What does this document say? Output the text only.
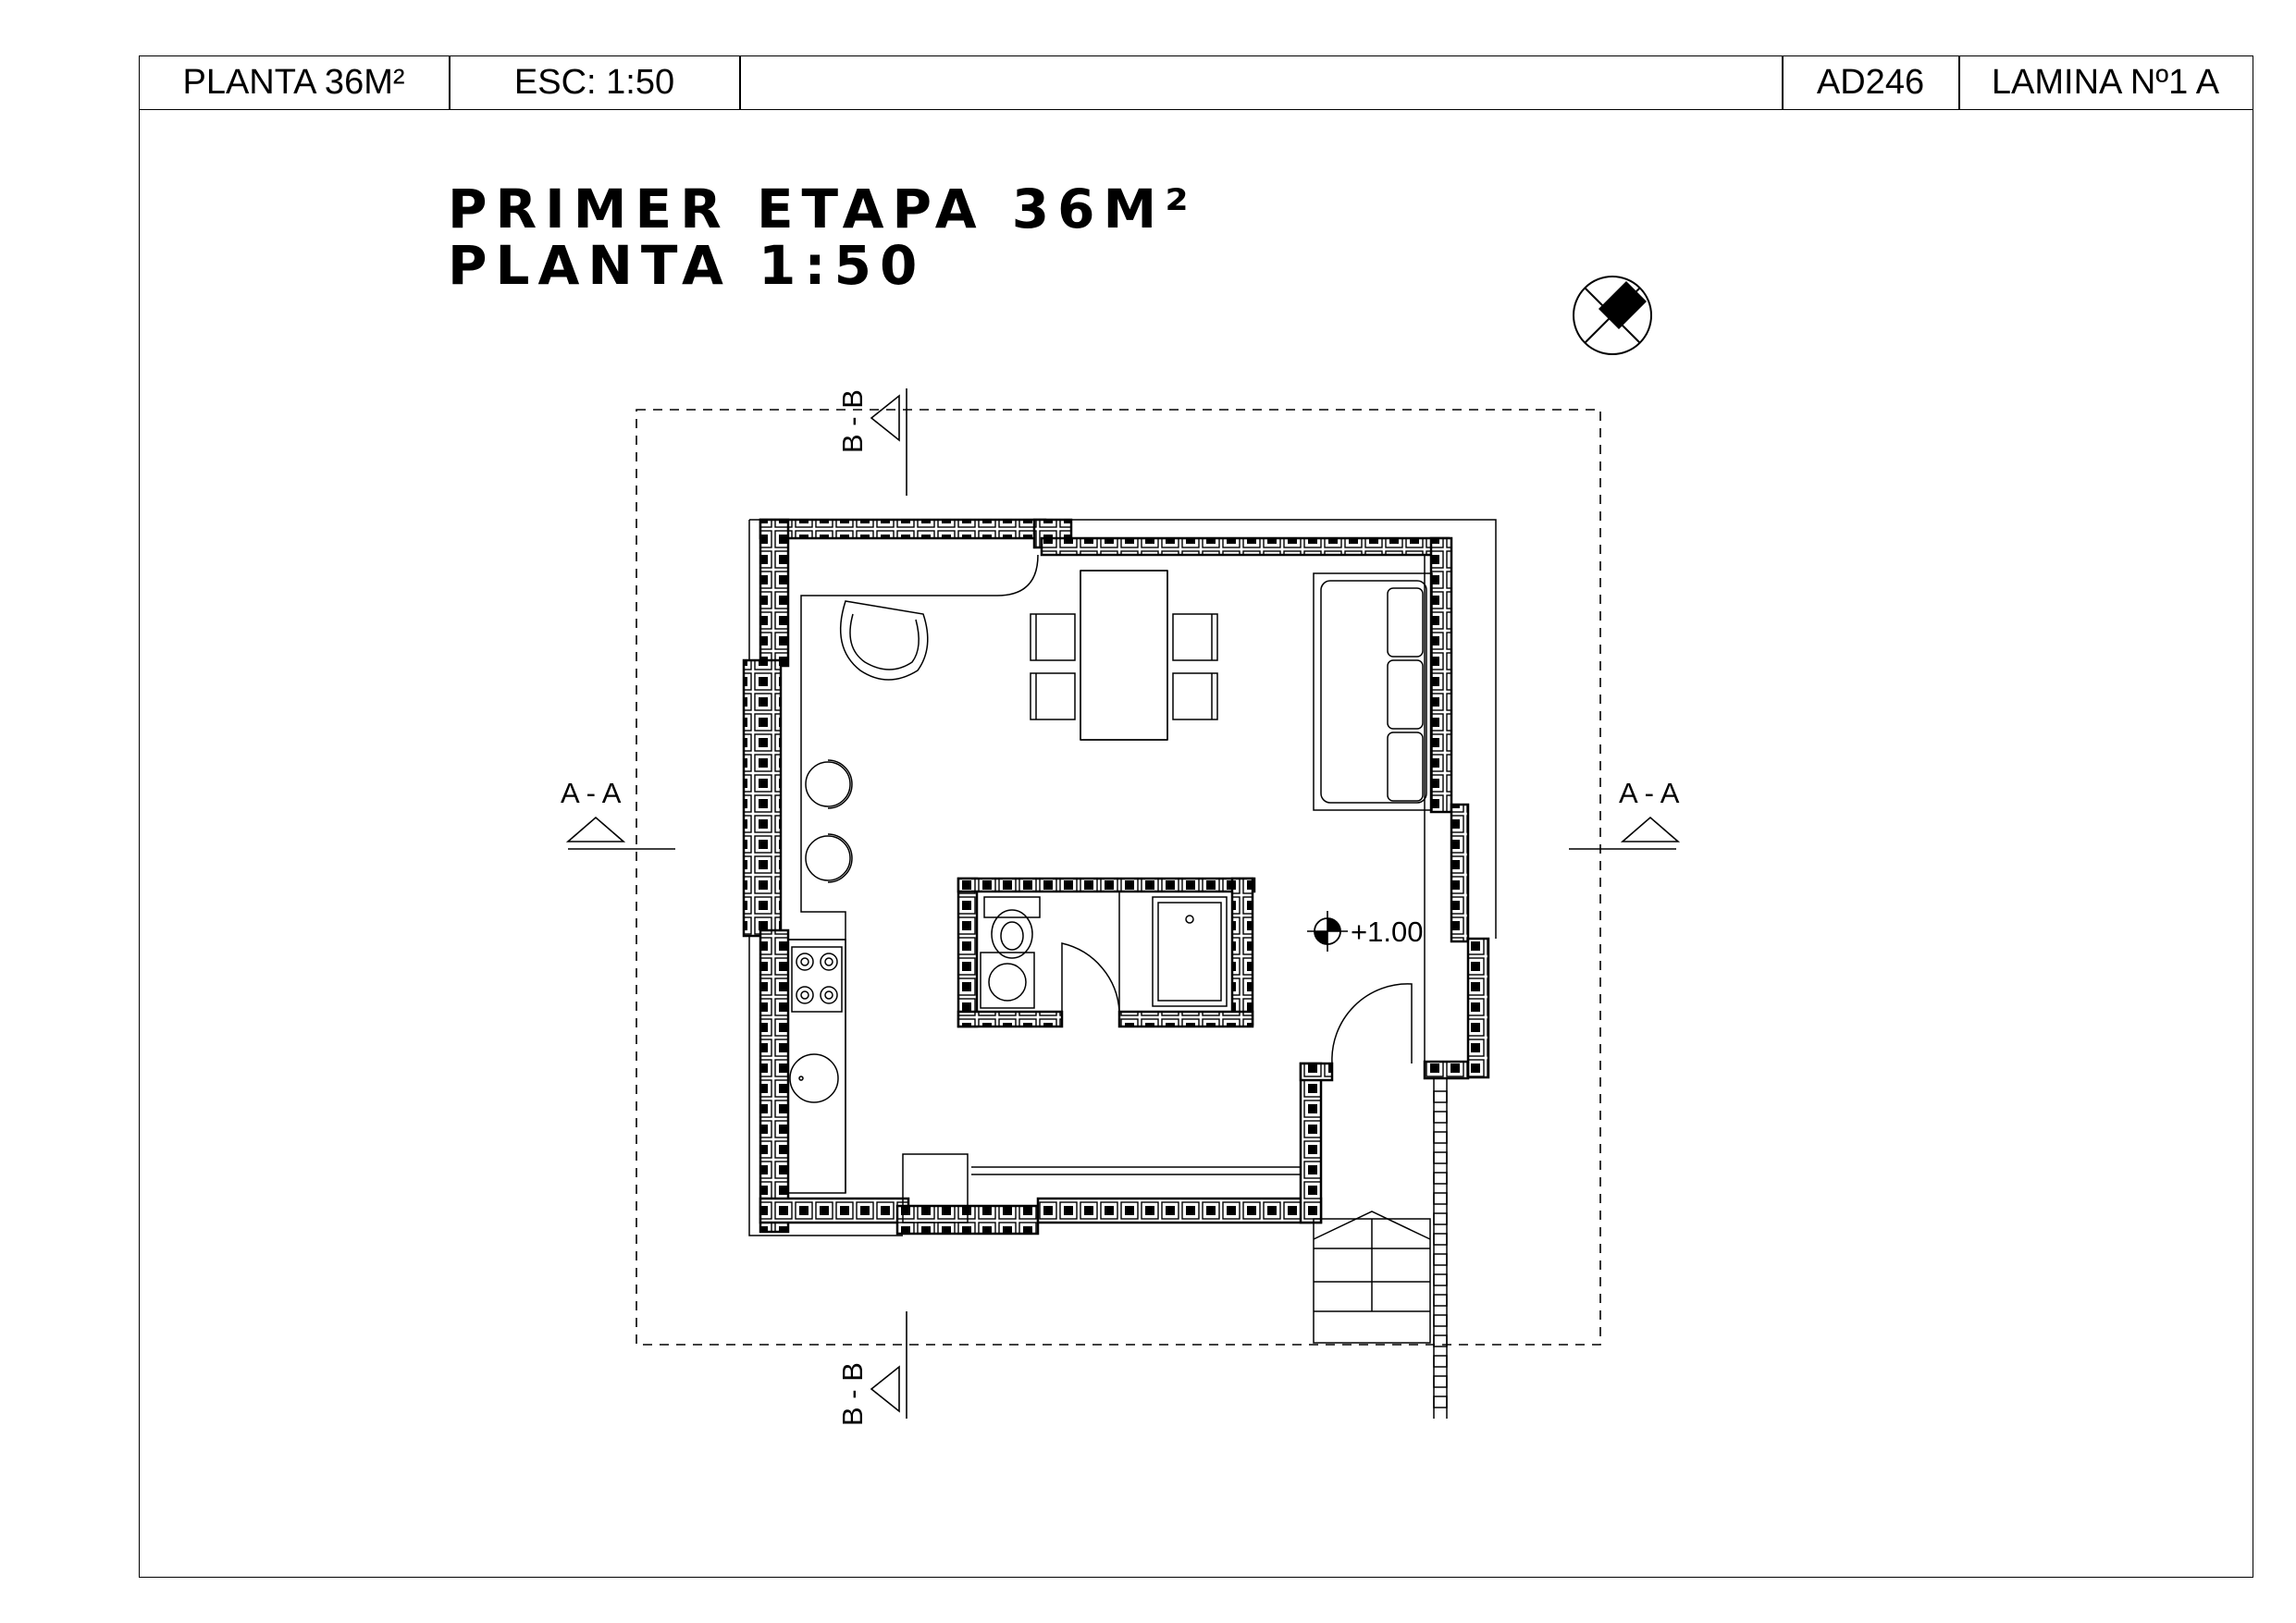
PLANTA 36M²	ESC: 1:50	AD246	LAMINA Nº1 A
PRIMER ETAPA 36M²
PLANTA 1:50
+1.00
A - A	A - A
B - B
B - B
